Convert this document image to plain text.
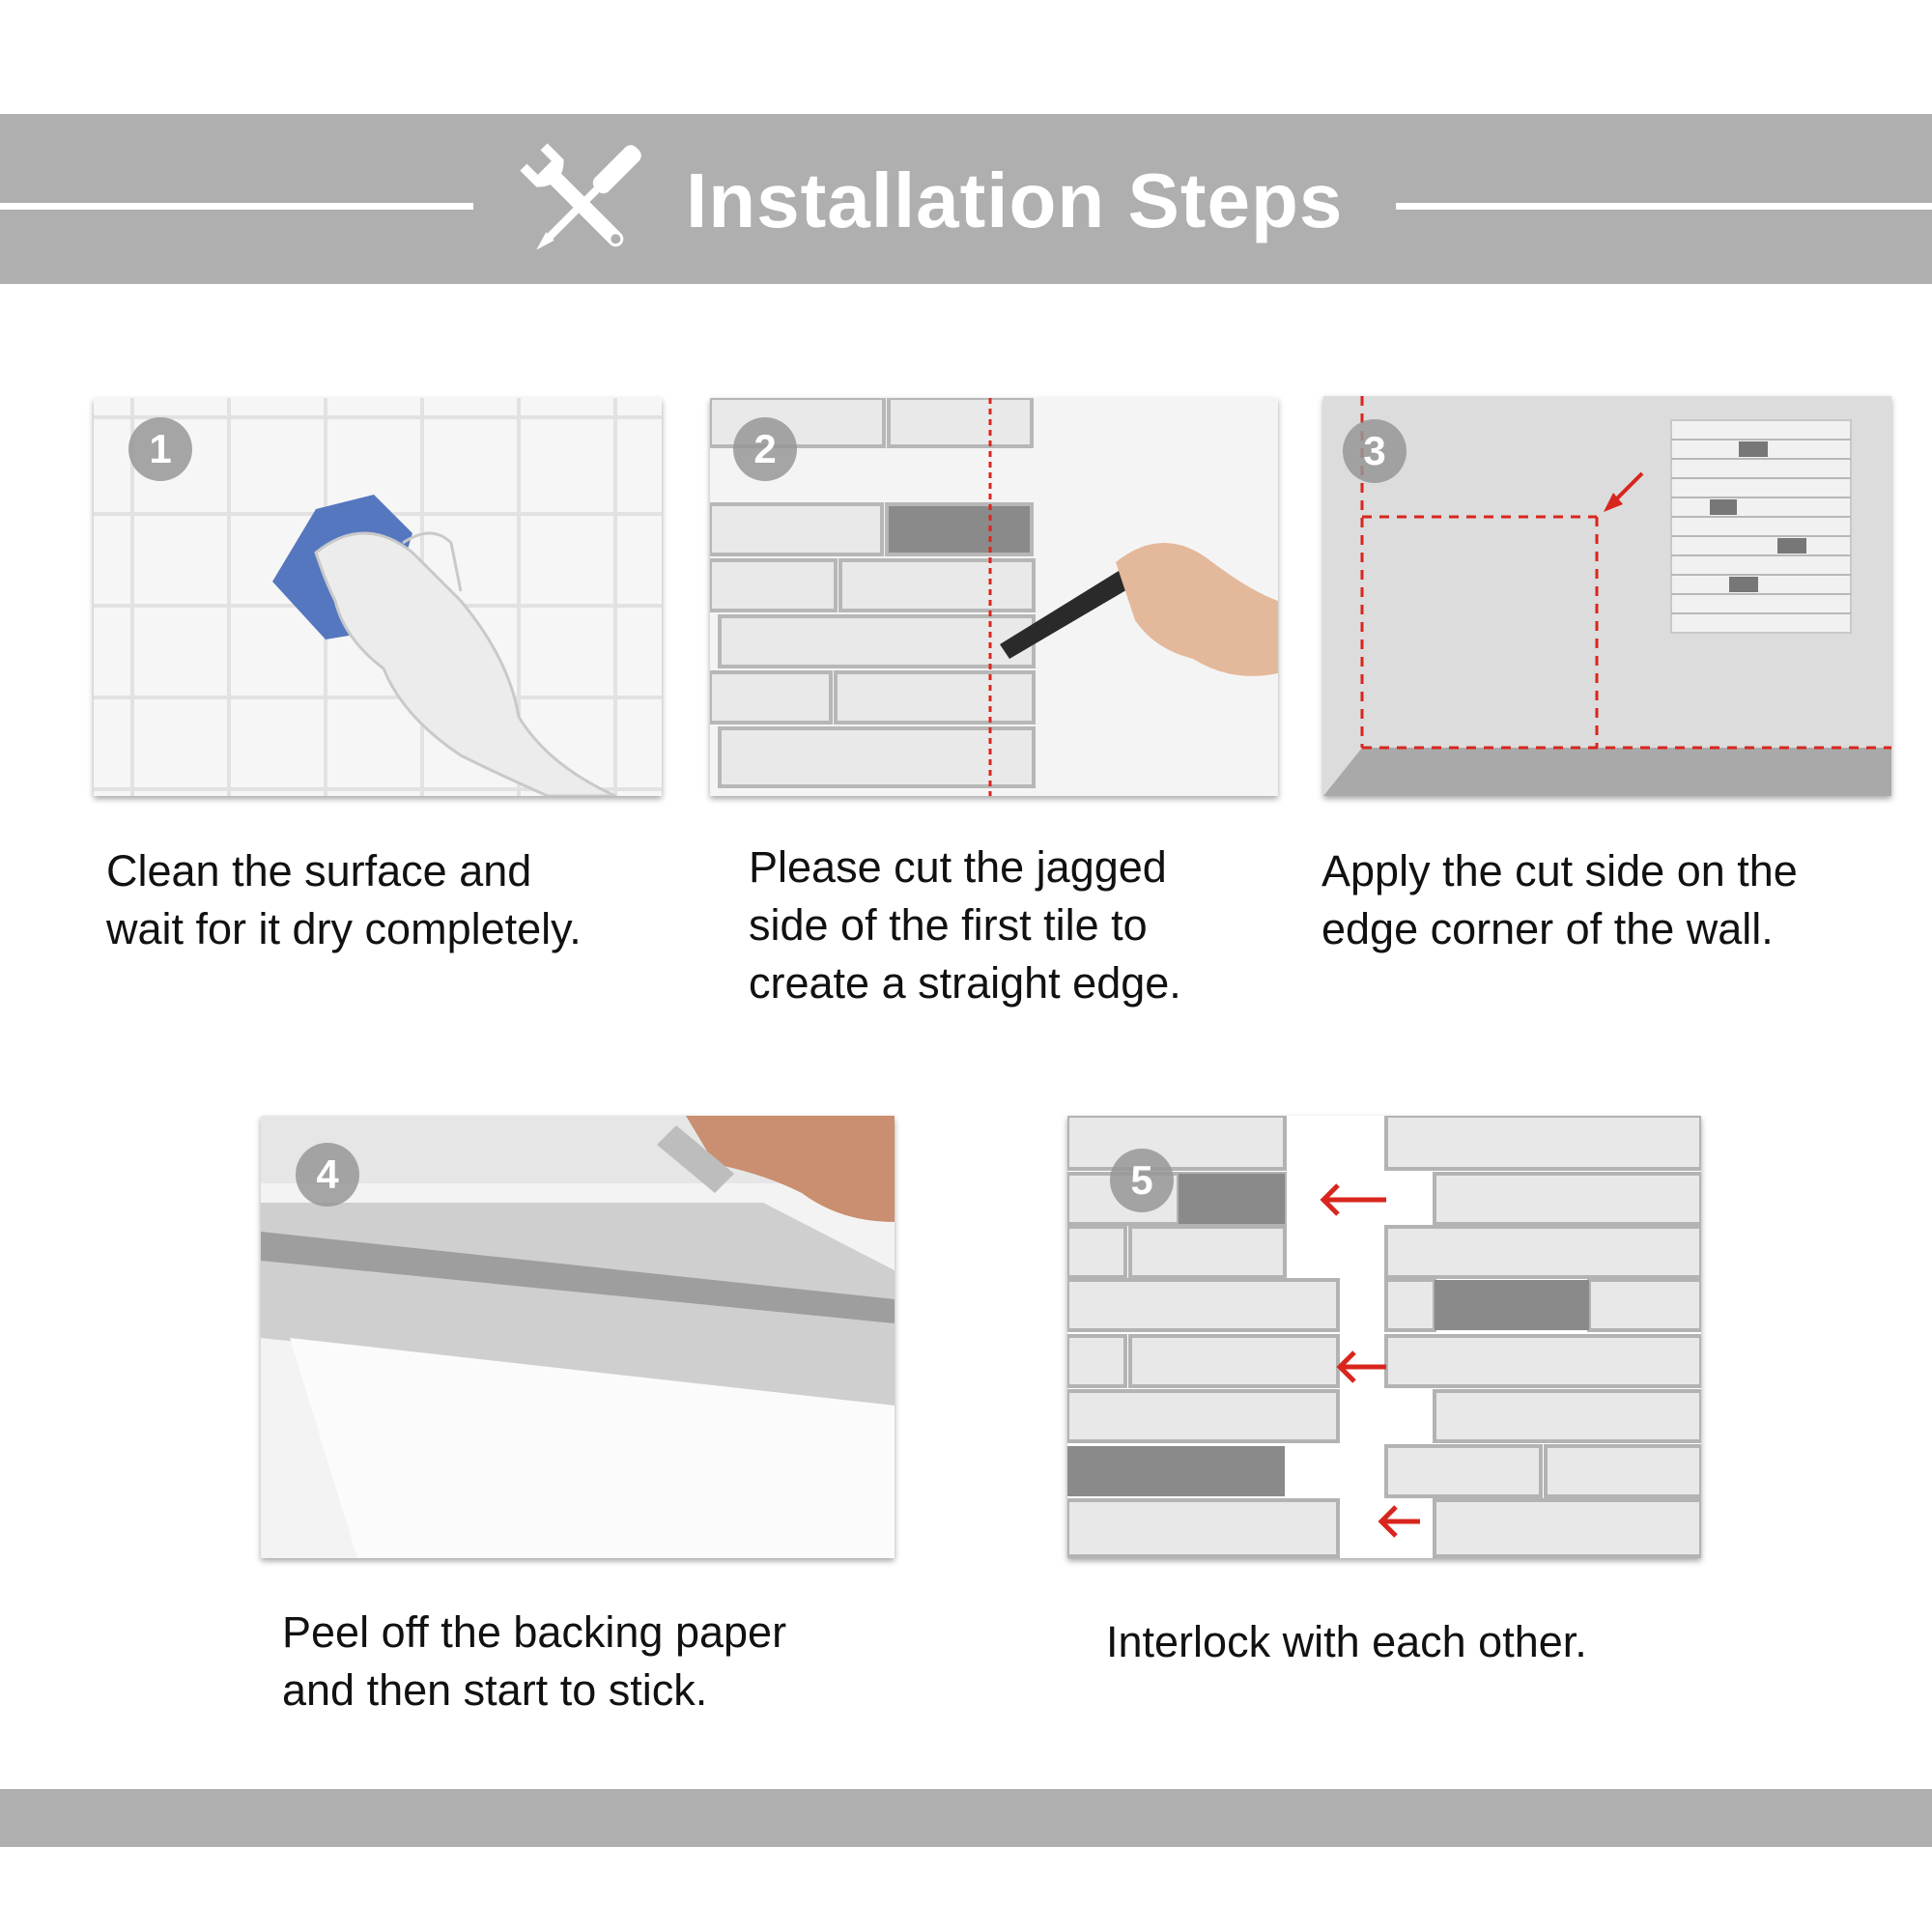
Installation Steps
1
Clean the surface and
wait for it dry completely.
2
Please cut the jagged
side of the first tile to
create a straight edge.
3
Apply the cut side on the
edge corner of the wall.
4
Peel off the backing paper
and then start to stick.
5
Interlock with each other.
